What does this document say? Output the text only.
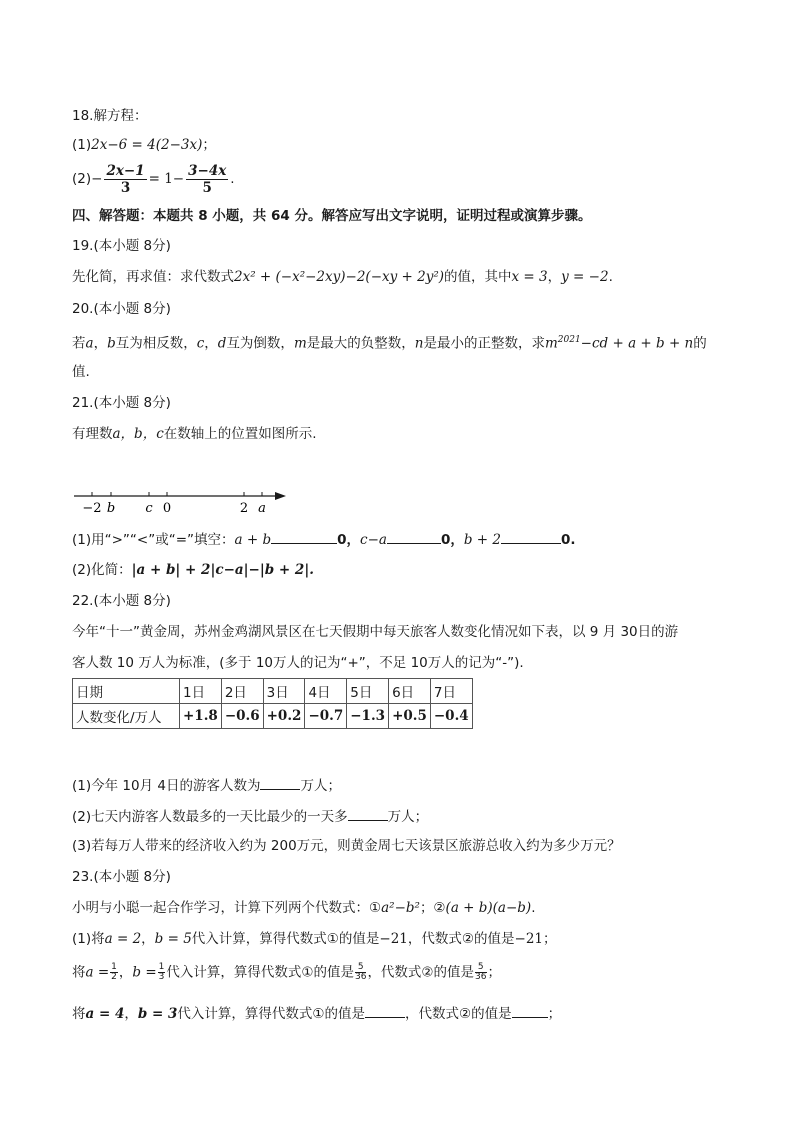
18.解方程：
(1)2x−6 = 4(2−3x)；
$(2)- \frac{2x-1}{3} = 1- \frac{3-4x}{5}$ .
四、解答题：本题共 8 小题，共 64 分。解答应写出文字说明，证明过程或演算步骤。
19.(本小题 8分)
先化简，再求值：求代数式2x² + (−x²−2xy)−2(−xy + 2y²)的值，其中x = 3，y = −2.
20.(本小题 8分)
若a，b互为相反数，c，d互为倒数，m是最大的负整数，n是最小的正整数，求$m^{2021}-cd + a + b + n$的
值.
21.(本小题 8分)
有理数a，b，c在数轴上的位置如图所示.
−2 b c 0	2 a
(1)用“>”“<”或“=”填空：a + b	0，c−a	0，b + 2	0.
(2)化简：|a + b| + 2|c−a|−|b + 2|.
22.(本小题 8分)
今年“十一”黄金周，苏州金鸡湖风景区在七天假期中每天旅客人数变化情况如下表，以 9 月 30日的游
客人数 10 万人为标准，(多于 10万人的记为“+”，不足 10万人的记为“-”).
日期	1日	2日	3日	4日	5日	6日	7日
人数变化/万人	+1.8	−0.6	+0.2	−0.7	−1.3	+0.5	−0.4
(1)今年 10月 4日的游客人数为	万人；
(2)七天内游客人数最多的一天比最少的一天多	万人；
(3)若每万人带来的经济收入约为 200万元，则黄金周七天该景区旅游总收入约为多少万元？
23.(本小题 8分)
小明与小聪一起合作学习，计算下列两个代数式：①a²−b²；②(a + b)(a−b).
(1)将a = 2，b = 5代入计算，算得代数式①的值是−21，代数式②的值是−21；
将$a = \frac{1}{2}$，$b = \frac{1}{3}$代入计算，算得代数式①的值是 $\frac{5}{36}$，代数式②的值是 $\frac{5}{36}$；
将a = 4，b = 3代入计算，算得代数式①的值是	，代数式②的值是	；
